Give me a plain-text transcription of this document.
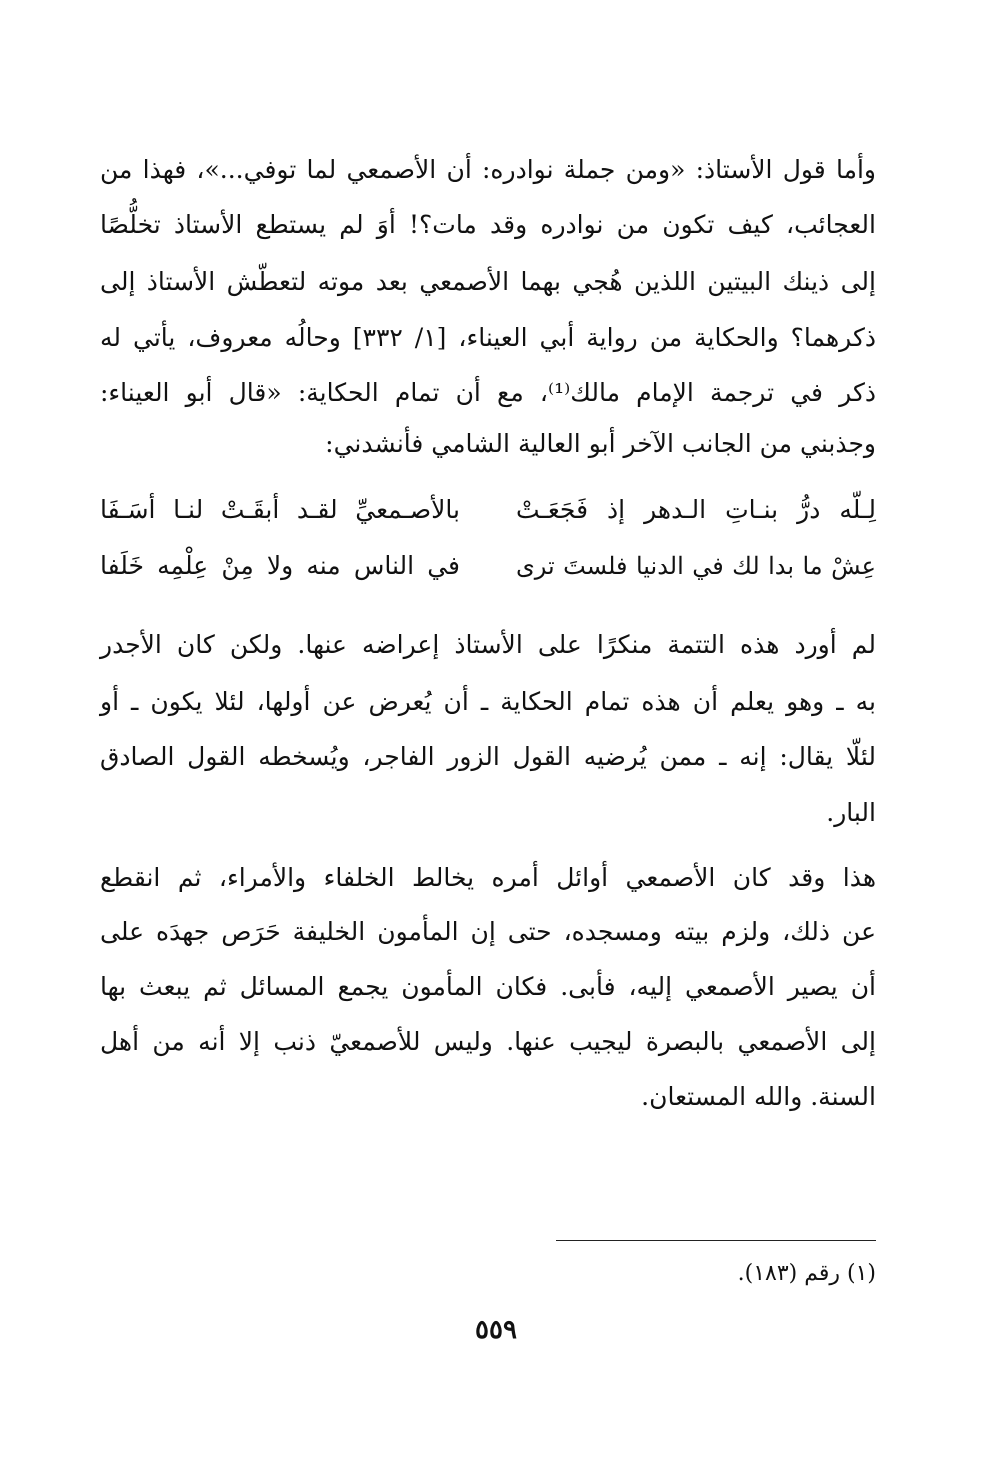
وأما قول الأستاذ: «ومن جملة نوادره: أن الأصمعي لما توفي...»، فهذا من
العجائب، كيف تكون من نوادره وقد مات؟! أوَ لم يستطع الأستاذ تخلُّصًا
إلى ذينك البيتين اللذين هُجي بهما الأصمعي بعد موته لتعطّش الأستاذ إلى
ذكرهما؟ والحكاية من رواية أبي العيناء، [١/ ٣٣٢] وحالُه معروف، يأتي له
ذكر في ترجمة الإمام مالك⁽¹⁾، مع أن تمام الحكاية: «قال أبو العيناء:
وجذبني من الجانب الآخر أبو العالية الشامي فأنشدني:
لِـلّه درُّ بنـاتِ الـدهر إذ فَجَعَـتْ
بالأصـمعيِّ لقـد أبقَـتْ لنـا أسَـفَا
عِشْ ما بدا لك في الدنيا فلستَ ترى
في الناس منه ولا مِنْ عِلْمِه خَلَفا
لم أورد هذه التتمة منكرًا على الأستاذ إعراضه عنها. ولكن كان الأجدر
به ـ وهو يعلم أن هذه تمام الحكاية ـ أن يُعرض عن أولها، لئلا يكون ـ أو
لئلّا يقال: إنه ـ ممن يُرضيه القول الزور الفاجر، ويُسخطه القول الصادق
البار.
هذا وقد كان الأصمعي أوائل أمره يخالط الخلفاء والأمراء، ثم انقطع
عن ذلك، ولزم بيته ومسجده، حتى إن المأمون الخليفة حَرَص جهدَه على
أن يصير الأصمعي إليه، فأبى. فكان المأمون يجمع المسائل ثم يبعث بها
إلى الأصمعي بالبصرة ليجيب عنها. وليس للأصمعيّ ذنب إلا أنه من أهل
السنة. والله المستعان.
(١) رقم (١٨٣).
٥٥٩
